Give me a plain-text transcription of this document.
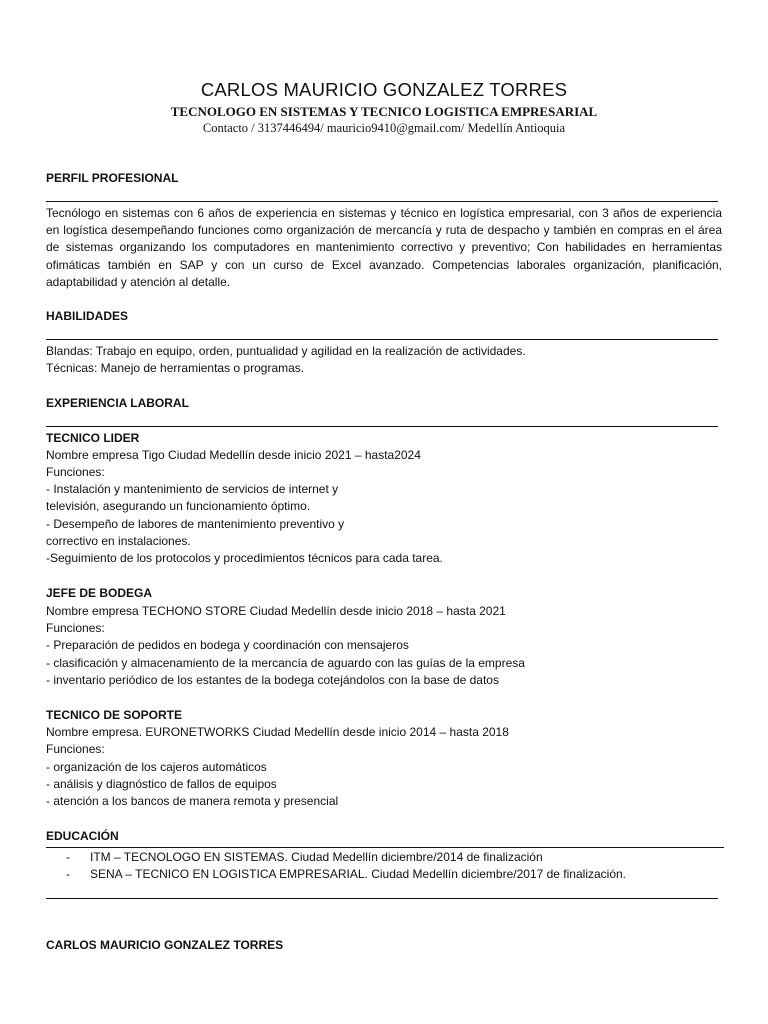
CARLOS MAURICIO GONZALEZ TORRES
TECNOLOGO EN SISTEMAS Y TECNICO LOGISTICA EMPRESARIAL
Contacto / 3137446494/ mauricio9410@gmail.com/ Medellín Antioquia
PERFIL PROFESIONAL
Tecnólogo en sistemas con 6 años de experiencia en sistemas y técnico en logística empresarial, con 3 años de experiencia en logística desempeñando funciones como organización de mercancía y ruta de despacho y también en compras en el área de sistemas organizando los computadores en mantenimiento correctivo y preventivo; Con habilidades en herramientas ofimáticas también en SAP y con un curso de Excel avanzado. Competencias laborales organización, planificación, adaptabilidad y atención al detalle.
HABILIDADES
Blandas: Trabajo en equipo, orden, puntualidad y agilidad en la realización de actividades.
Técnicas: Manejo de herramientas o programas.
EXPERIENCIA LABORAL
TECNICO LIDER
Nombre empresa Tigo Ciudad Medellín desde inicio 2021 – hasta2024
Funciones:
- Instalación y mantenimiento de servicios de internet y
televisión, asegurando un funcionamiento óptimo.
- Desempeño de labores de mantenimiento preventivo y
correctivo en instalaciones.
-Seguimiento de los protocolos y procedimientos técnicos para cada tarea.
JEFE DE BODEGA
Nombre empresa TECHONO STORE Ciudad Medellín desde inicio 2018 – hasta 2021
Funciones:
- Preparación de pedidos en bodega y coordinación con mensajeros
- clasificación y almacenamiento de la mercancía de aguardo con las guías de la empresa
- inventario periódico de los estantes de la bodega cotejándolos con la base de datos
TECNICO DE SOPORTE
Nombre empresa. EURONETWORKS Ciudad Medellín desde inicio 2014 – hasta 2018
Funciones:
- organización de los cajeros automáticos
- análisis y diagnóstico de fallos de equipos
- atención a los bancos de manera remota y presencial
EDUCACIÓN
- ITM – TECNOLOGO EN SISTEMAS. Ciudad Medellín diciembre/2014 de finalización
- SENA – TECNICO EN LOGISTICA EMPRESARIAL. Ciudad Medellín diciembre/2017 de finalización.
CARLOS MAURICIO GONZALEZ TORRES
